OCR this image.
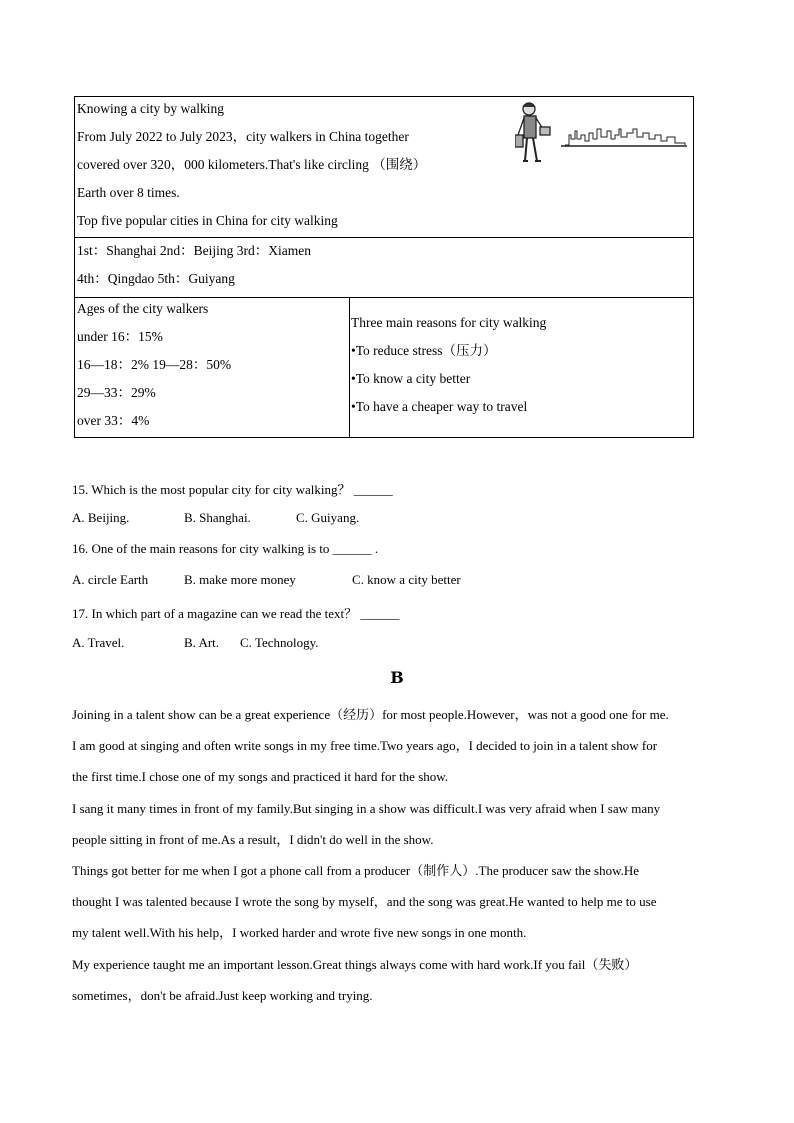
Knowing a city by walking
From July 2022 to July 2023，city walkers in China together
covered over 320，000 kilometers.That's like circling （围绕）
Earth over 8 times.
Top five popular cities in China for city walking
1st：Shanghai 2nd：Beijing 3rd：Xiamen
4th：Qingdao 5th：Guiyang
Ages of the city walkers
under 16：15%
16—18：2% 19—28：50%
29—33：29%
over 33：4%
Three main reasons for city walking
•To reduce stress（压力）
•To know a city better
•To have a cheaper way to travel
15. Which is the most popular city for city walking？ ______
A. Beijing.	B. Shanghai.	C. Guiyang.
16. One of the main reasons for city walking is to ______ .
A. circle Earth	B. make more money	C. know a city better
17. In which part of a magazine can we read the text？ ______
A. Travel.	B. Art. C. Technology.
B
Joining in a talent show can be a great experience（经历）for most people.However，was not a good one for me.
I am good at singing and often write songs in my free time.Two years ago，I decided to join in a talent show for
the first time.I chose one of my songs and practiced it hard for the show.
I sang it many times in front of my family.But singing in a show was difficult.I was very afraid when I saw many
people sitting in front of me.As a result，I didn't do well in the show.
Things got better for me when I got a phone call from a producer（制作人）.The producer saw the show.He
thought I was talented because I wrote the song by myself，and the song was great.He wanted to help me to use
my talent well.With his help，I worked harder and wrote five new songs in one month.
My experience taught me an important lesson.Great things always come with hard work.If you fail（失败）
sometimes，don't be afraid.Just keep working and trying.
